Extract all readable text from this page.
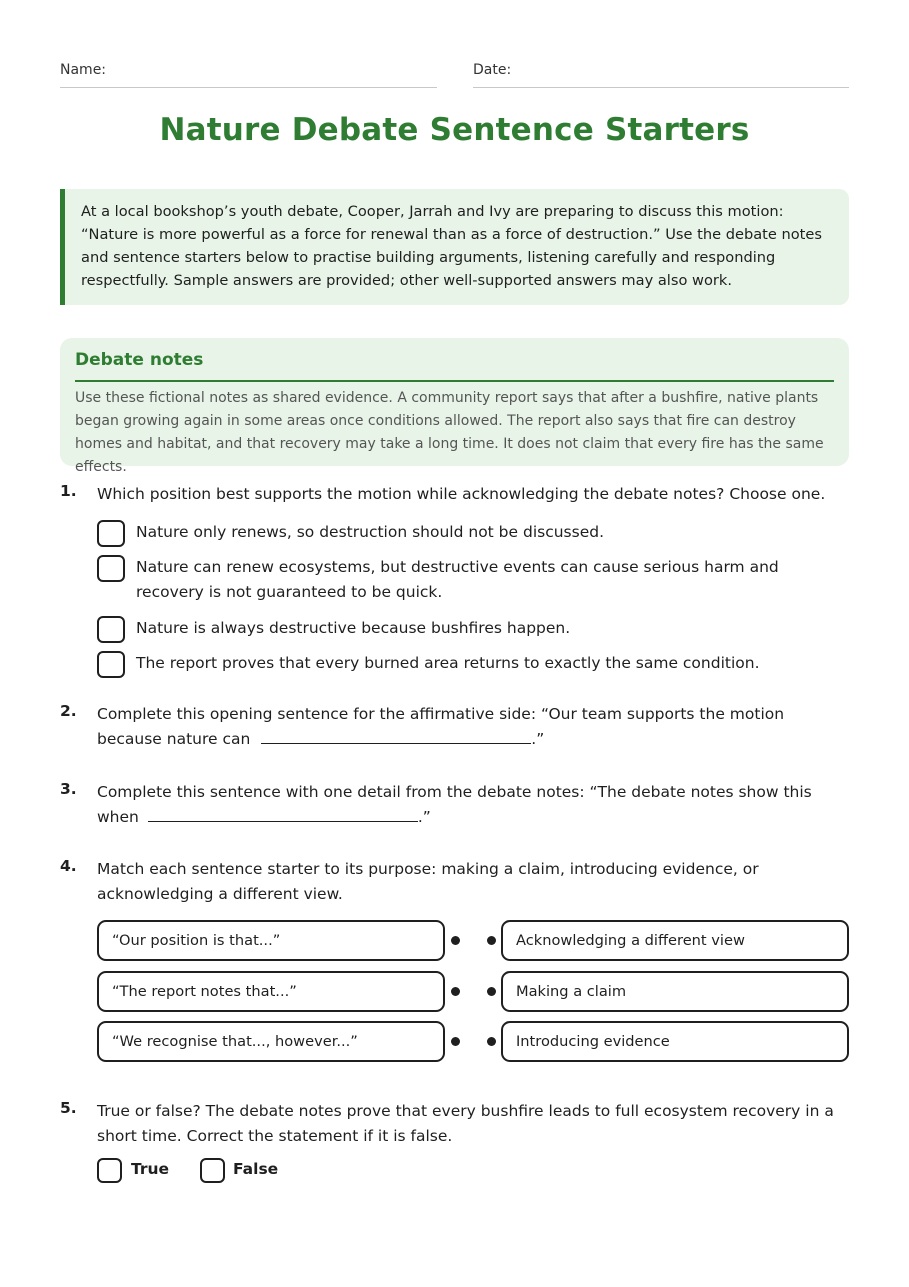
Name:	Date:
Nature Debate Sentence Starters

At a local bookshop’s youth debate, Cooper, Jarrah and Ivy are preparing to discuss this motion: “Nature is more powerful as a force for renewal than as a force of destruction.” Use the debate notes and sentence starters below to practise building arguments, listening carefully and responding respectfully. Sample answers are provided; other well-supported answers may also work.

Debate notes
Use these fictional notes as shared evidence. A community report says that after a bushfire, native plants began growing again in some areas once conditions allowed. The report also says that fire can destroy homes and habitat, and that recovery may take a long time. It does not claim that every fire has the same effects.
1. Which position best supports the motion while acknowledging the debate notes? Choose one.
Nature only renews, so destruction should not be discussed.
Nature can renew ecosystems, but destructive events can cause serious harm and recovery is not guaranteed to be quick.
Nature is always destructive because bushfires happen.
The report proves that every burned area returns to exactly the same condition.
2. Complete this opening sentence for the affirmative side: “Our team supports the motion because nature can	.”
3. Complete this sentence with one detail from the debate notes: “The debate notes show this when	.”
4. Match each sentence starter to its purpose: making a claim, introducing evidence, or acknowledging a different view.
“Our position is that...”
“The report notes that...”
“We recognise that..., however...”
Acknowledging a different view
Making a claim
Introducing evidence
5. True or false? The debate notes prove that every bushfire leads to full ecosystem recovery in a short time. Correct the statement if it is false.
True	False
